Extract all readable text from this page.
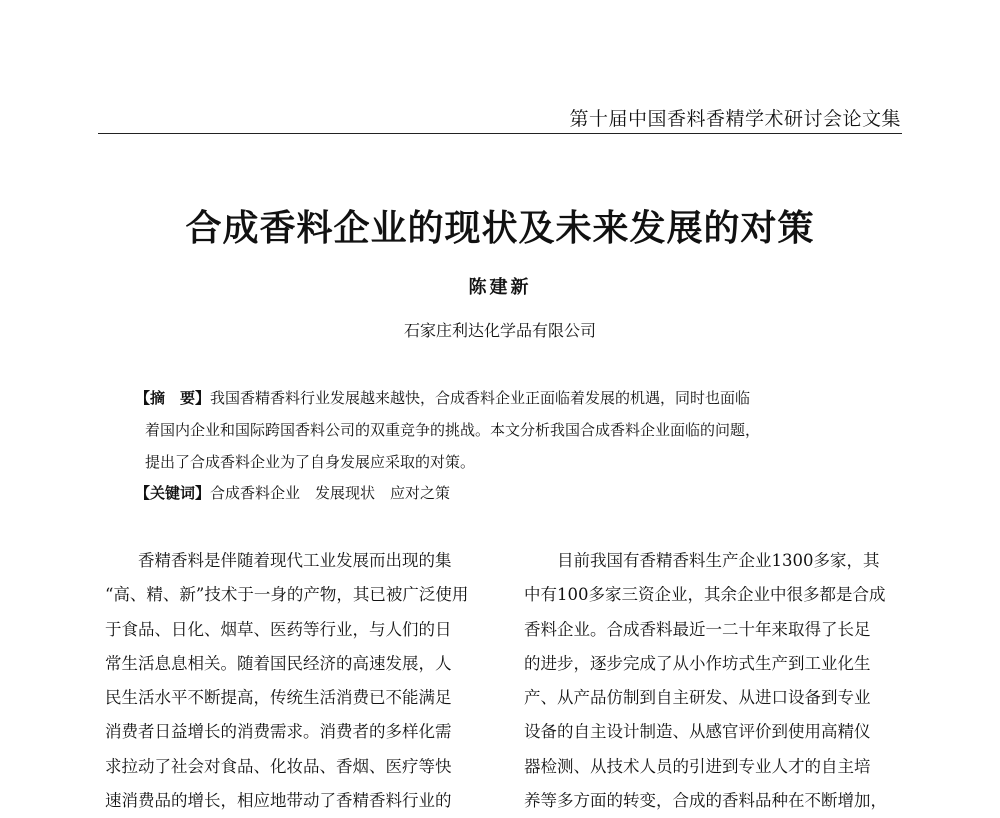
第十届中国香料香精学术研讨会论文集
合成香料企业的现状及未来发展的对策
陈建新
石家庄利达化学品有限公司
【摘　要】我国香精香料行业发展越来越快，合成香料企业正面临着发展的机遇，同时也面临
着国内企业和国际跨国香料公司的双重竞争的挑战。本文分析我国合成香料企业面临的问题，
提出了合成香料企业为了自身发展应采取的对策。
【关键词】合成香料企业　发展现状　应对之策
　　香精香料是伴随着现代工业发展而出现的集
“高、精、新”技术于一身的产物，其已被广泛使用
于食品、日化、烟草、医药等行业，与人们的日
常生活息息相关。随着国民经济的高速发展，人
民生活水平不断提高，传统生活消费已不能满足
消费者日益增长的消费需求。消费者的多样化需
求拉动了社会对食品、化妆品、香烟、医疗等快
速消费品的增长，相应地带动了香精香料行业的
　　目前我国有香精香料生产企业1300多家，其
中有100多家三资企业，其余企业中很多都是合成
香料企业。合成香料最近一二十年来取得了长足
的进步，逐步完成了从小作坊式生产到工业化生
产、从产品仿制到自主研发、从进口设备到专业
设备的自主设计制造、从感官评价到使用高精仪
器检测、从技术人员的引进到专业人才的自主培
养等多方面的转变，合成的香料品种在不断增加，
